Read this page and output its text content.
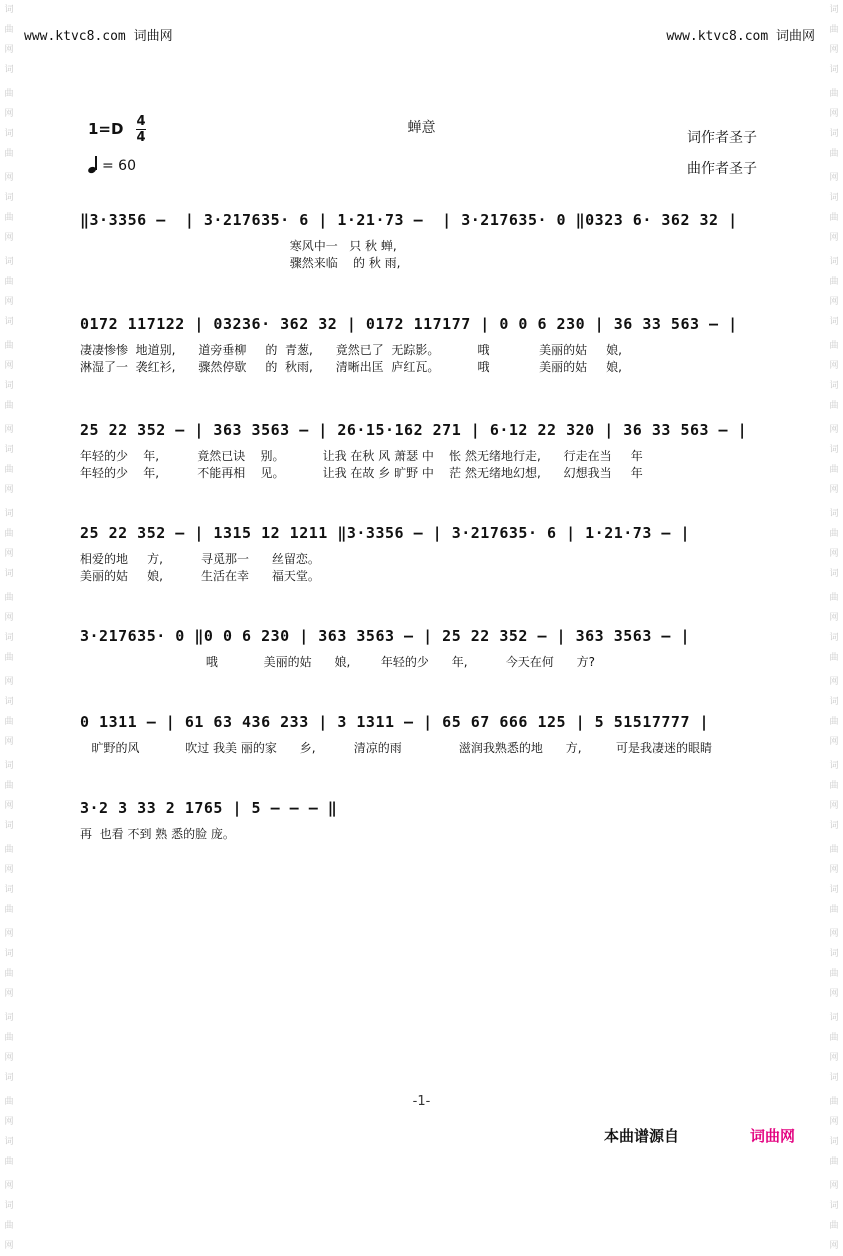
词
曲
网
词
曲
网
词
曲
网
词
曲
网
词
曲
网
词
曲
网
词
曲
网
词
曲
网
词
曲
网
词
曲
网
词
曲
网
词
曲
网
词
曲
网
词
曲
网
词
曲
网
词
曲
网
词
曲
网
词
曲
网
词
曲
网
词
曲
网
词
曲
网
词
曲
网
词
曲
网
词
曲
网
词
曲
网
词
曲
网
词
曲
网
词
曲
网
词
曲
网
词
曲
网
词
曲
网
词
曲
网
词
曲
网
词
曲
网
词
曲
网
词
曲
网
词
曲
网
词
曲
网
词
曲
网
词
曲
网
www.ktvc8.com 词曲网	www.ktvc8.com 词曲网
蝉意
1=D 4
4
= 60
词作者圣子
曲作者圣子
‖3·3356 –  | 3·217635· 6 | 1·21·73 –  | 3·217635· 0 ‖0323 6· 362 32 |
寒风中一   只 秋 蝉,
骤然来临    的 秋 雨,
0172 117122 | 03236· 362 32 | 0172 117177 | 0 0 6 230 | 36 33 563 – |
凄凄惨惨  地道别,      道旁垂柳     的  青葱,      竟然已了  无踪影。          哦             美丽的姑     娘,
淋湿了一  袭红衫,      骤然停歇     的  秋雨,      清晰出匡  庐红瓦。          哦             美丽的姑     娘,
25 22 352 – | 363 3563 – | 26·15·162 271 | 6·12 22 320 | 36 33 563 – |
年轻的少    年,          竟然已诀    别。          让我 在秋 风 萧瑟 中    怅 然无绪地行走,      行走在当     年
年轻的少    年,          不能再相    见。          让我 在故 乡 旷野 中    茫 然无绪地幻想,      幻想我当     年
25 22 352 – | 1315 12 1211 ‖3·3356 – | 3·217635· 6 | 1·21·73 – |
相爱的地     方,          寻觅那一      丝留恋。
美丽的姑     娘,          生活在幸      福天堂。
3·217635· 0 ‖0 0 6 230 | 363 3563 – | 25 22 352 – | 363 3563 – |
哦            美丽的姑      娘,        年轻的少      年,          今天在何      方?
0 1311 – | 61 63 436 233 | 3 1311 – | 65 67 666 125 | 5 51517777 |
旷野的风            吹过 我美 丽的家      乡,          清凉的雨               滋润我熟悉的地      方,         可是我凄迷的眼睛
3·2 3 33 2 1765 | 5 – – – ‖
再  也看 不到 熟 悉的脸 庞。
-1-
本曲谱源自	词曲网
